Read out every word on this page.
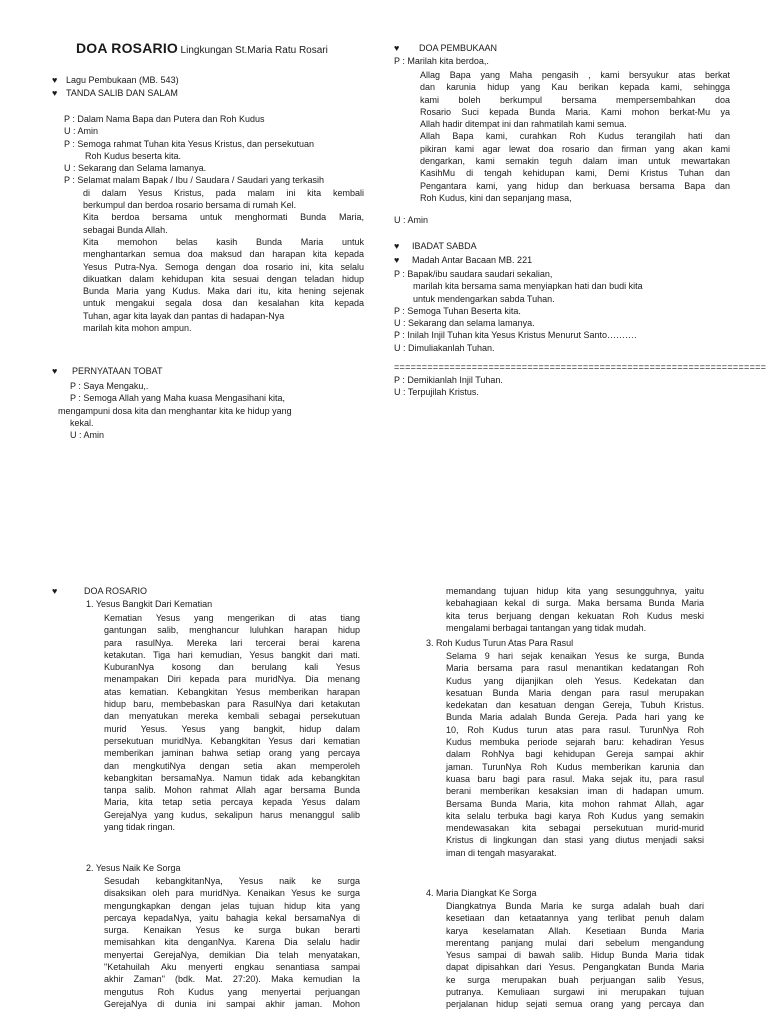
DOA ROSARIO Lingkungan St.Maria Ratu Rosari
♥ Lagu Pembukaan (MB. 543)
♥ TANDA SALIB DAN SALAM
P : Dalam Nama Bapa dan Putera dan Roh Kudus
U : Amin
P : Semoga rahmat Tuhan kita Yesus Kristus, dan persekutuan
Roh Kudus beserta kita.
U : Sekarang dan Selama lamanya.
P : Selamat malam Bapak / Ibu / Saudara / Saudari yang terkasih
di dalam Yesus Kristus, pada malam ini kita kembali
berkumpul dan berdoa rosario bersama di rumah Kel.
Kita berdoa bersama untuk menghormati Bunda Maria,
sebagai Bunda Allah.
Kita memohon belas kasih Bunda Maria untuk
menghantarkan semua doa maksud dan harapan kita kepada
Yesus Putra-Nya. Semoga dengan doa rosario ini, kita selalu
dikuatkan dalam kehidupan kita sesuai dengan teladan hidup
Bunda Maria yang Kudus. Maka dari itu, kita hening sejenak
untuk mengakui segala dosa dan kesalahan kita kepada
Tuhan, agar kita layak dan pantas di hadapan-Nya
marilah kita mohon ampun.
♥ PERNYATAAN TOBAT
P : Saya Mengaku,.
P : Semoga Allah yang Maha kuasa Mengasihani kita,
mengampuni dosa kita dan menghantar kita ke hidup yang
kekal.
U : Amin
♥ DOA PEMBUKAAN
P : Marilah kita berdoa,.
Allag Bapa yang Maha pengasih , kami bersyukur atas berkat
dan karunia hidup yang Kau berikan kepada kami, sehingga
kami boleh berkumpul bersama mempersembahkan doa
Rosario Suci kepada Bunda Maria. Kami mohon berkat-Mu ya
Allah hadir ditempat ini dan rahmatilah kami semua.
Allah Bapa kami, curahkan Roh Kudus terangilah hati dan
pikiran kami agar lewat doa rosario dan firman yang akan kami
dengarkan, kami semakin teguh dalam iman untuk mewartakan
KasihMu di tengah kehidupan kami, Demi Kristus Tuhan dan
Pengantara kami, yang hidup dan berkuasa bersama Bapa dan
Roh Kudus, kini dan sepanjang masa,
U : Amin
♥ IBADAT SABDA
♥ Madah Antar Bacaan MB. 221
P : Bapak/ibu saudara saudari sekalian,
marilah kita bersama sama menyiapkan hati dan budi kita
untuk mendengarkan sabda Tuhan.
P : Semoga Tuhan Beserta kita.
U : Sekarang dan selama lamanya.
P : Inilah Injil Tuhan kita Yesus Kristus Menurut Santo……….
U : Dimuliakanlah Tuhan.
===================================================================
P : Demikianlah Injil Tuhan.
U : Terpujilah Kristus.
♥	DOA ROSARIO
1. Yesus Bangkit Dari Kematian
Kematian Yesus yang mengerikan di atas tiang
gantungan salib, menghancur luluhkan harapan hidup
para rasulNya. Mereka lari tercerai berai karena
ketakutan. Tiga hari kemudian, Yesus bangkit dari mati.
KuburanNya kosong dan berulang kali Yesus
menampakan Diri kepada para muridNya. Dia menang
atas kematian. Kebangkitan Yesus memberikan harapan
hidup baru, membebaskan para RasulNya dari ketakutan
dan menyatukan mereka kembali sebagai persekutuan
murid Yesus. Yesus yang bangkit, hidup dalam
persekutuan muridNya. Kebangkitan Yesus dari kematian
memberikan jaminan bahwa setiap orang yang percaya
dan mengkutiNya dengan setia akan memperoleh
kebangkitan bersamaNya. Namun tidak ada kebangkitan
tanpa salib. Mohon rahmat Allah agar bersama Bunda
Maria, kita tetap setia percaya kepada Yesus dalam
GerejaNya yang kudus, sekalipun harus menanggul salib
yang tidak ringan.
2. Yesus Naik Ke Sorga
Sesudah kebangkitanNya, Yesus naik ke surga
disaksikan oleh para muridNya. Kenaikan Yesus ke surga
mengungkapkan dengan jelas tujuan hidup kita yang
percaya kepadaNya, yaitu bahagia kekal bersamaNya di
surga. Kenaikan Yesus ke surga bukan berarti
memisahkan kita denganNya. Karena Dia selalu hadir
menyertai GerejaNya, demikian Dia telah menyatakan,
"Ketahuilah Aku menyerti engkau senantiasa sampai
akhir Zaman" (bdk. Mat. 27:20). Maka kemudian Ia
mengutus Roh Kudus yang menyertai perjuangan
GerejaNya di dunia ini sampai akhir jaman. Mohon
memandang tujuan hidup kita yang sesungguhnya, yaitu
kebahagiaan kekal di surga. Maka bersama Bunda Maria
kita terus berjuang dengan kekuatan Roh Kudus meski
mengalami berbagai tantangan yang tidak mudah.
3. Roh Kudus Turun Atas Para Rasul
Selama 9 hari sejak kenaikan Yesus ke surga, Bunda
Maria bersama para rasul menantikan kedatangan Roh
Kudus yang dijanjikan oleh Yesus. Kedekatan dan
kesatuan Bunda Maria dengan para rasul merupakan
kedekatan dan kesatuan dengan Gereja, Tubuh Kristus.
Bunda Maria adalah Bunda Gereja. Pada hari yang ke
10, Roh Kudus turun atas para rasul. TurunNya Roh
Kudus membuka periode sejarah baru: kehadiran Yesus
dalam RohNya bagi kehidupan Gereja sampai akhir
jaman. TurunNya Roh Kudus memberikan karunia dan
kuasa baru bagi para rasul. Maka sejak itu, para rasul
berani memberikan kesaksian iman di hadapan umum.
Bersama Bunda Maria, kita mohon rahmat Allah, agar
kita selalu terbuka bagi karya Roh Kudus yang semakin
mendewasakan kita sebagai persekutuan murid-murid
Kristus di lingkungan dan stasi yang diutus menjadi saksi
iman di tengah masyarakat.
4. Maria Diangkat Ke Sorga
Diangkatnya Bunda Maria ke surga adalah buah dari
kesetiaan dan ketaatannya yang terlibat penuh dalam
karya keselamatan Allah. Kesetiaan Bunda Maria
merentang panjang mulai dari sebelum mengandung
Yesus sampai di bawah salib. Hidup Bunda Maria tidak
dapat dipisahkan dari Yesus. Pengangkatan Bunda Maria
ke surga merupakan buah perjuangan salib Yesus,
putranya. Kemuliaan surgawi ini merupakan tujuan
perjalanan hidup sejati semua orang yang percaya dan
